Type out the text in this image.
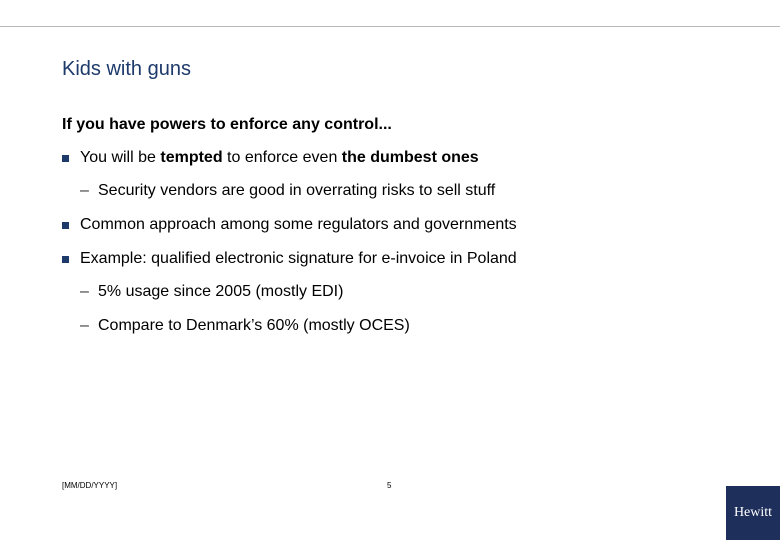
Kids with guns
If you have powers to enforce any control...
You will be tempted to enforce even the dumbest ones
– Security vendors are good in overrating risks to sell stuff
Common approach among some regulators and governments
Example: qualified electronic signature for e-invoice in Poland
– 5% usage since 2005 (mostly EDI)
– Compare to Denmark’s 60% (mostly OCES)
[MM/DD/YYYY]	5
Hewitt
